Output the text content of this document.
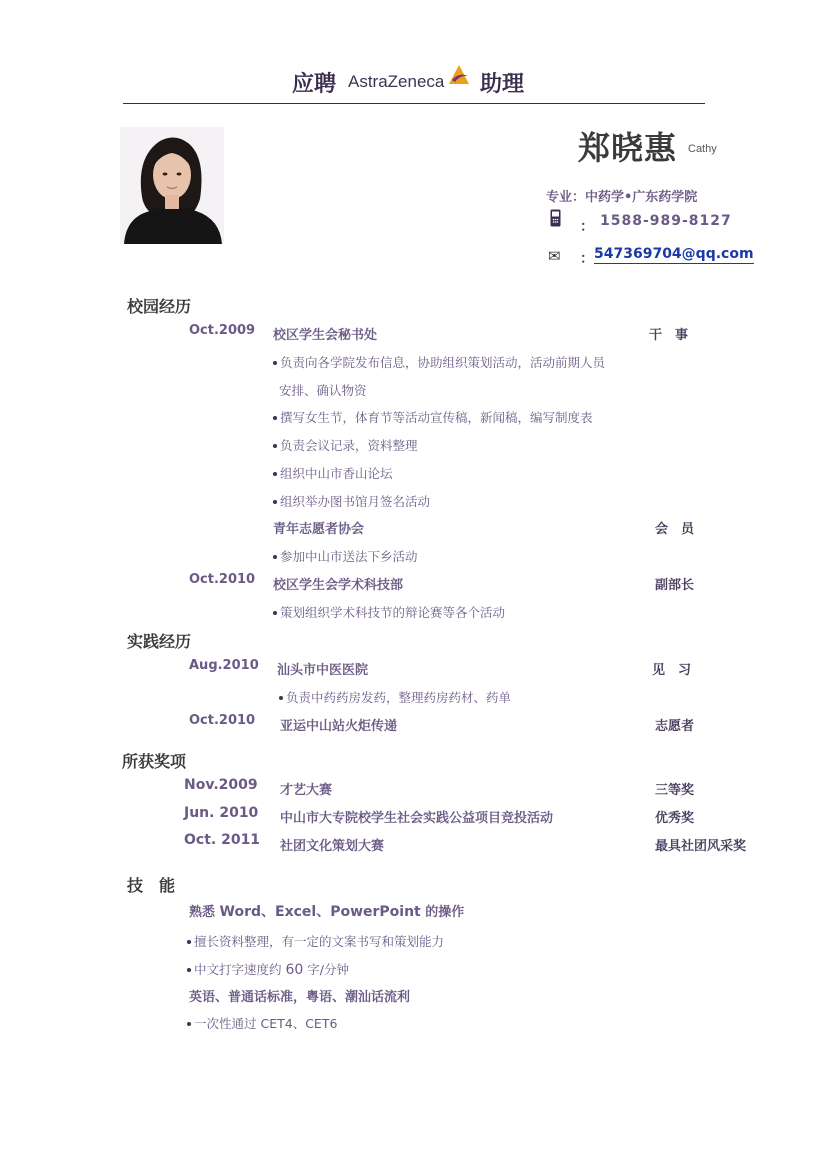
应聘 AstraZeneca 助理
郑晓惠 Cathy
专业：中药学•广东药学院
： 1588-989-8127
✉ ： 547369704@qq.com
校园经历
Oct.2009 校区学生会秘书处	干　事
负责向各学院发布信息，协助组织策划活动，活动前期人员
安排、确认物资
撰写女生节，体育节等活动宣传稿，新闻稿，编写制度表
负责会议记录，资料整理
组织中山市香山论坛
组织举办图书馆月签名活动
青年志愿者协会	会　员
参加中山市送法下乡活动
Oct.2010 校区学生会学术科技部	副部长
策划组织学术科技节的辩论赛等各个活动
实践经历
Aug.2010 汕头市中医医院	见　习
负责中药药房发药，整理药房药材、药单
Oct.2010 亚运中山站火炬传递	志愿者
所获奖项
Nov.2009 才艺大赛	三等奖
Jun. 2010 中山市大专院校学生社会实践公益项目竞投活动	优秀奖
Oct. 2011 社团文化策划大赛	最具社团风采奖
技　能
熟悉 Word、Excel、PowerPoint 的操作
擅长资料整理，有一定的文案书写和策划能力
中文打字速度约 60 字/分钟
英语、普通话标准，粤语、潮汕话流利
一次性通过 CET4、CET6
